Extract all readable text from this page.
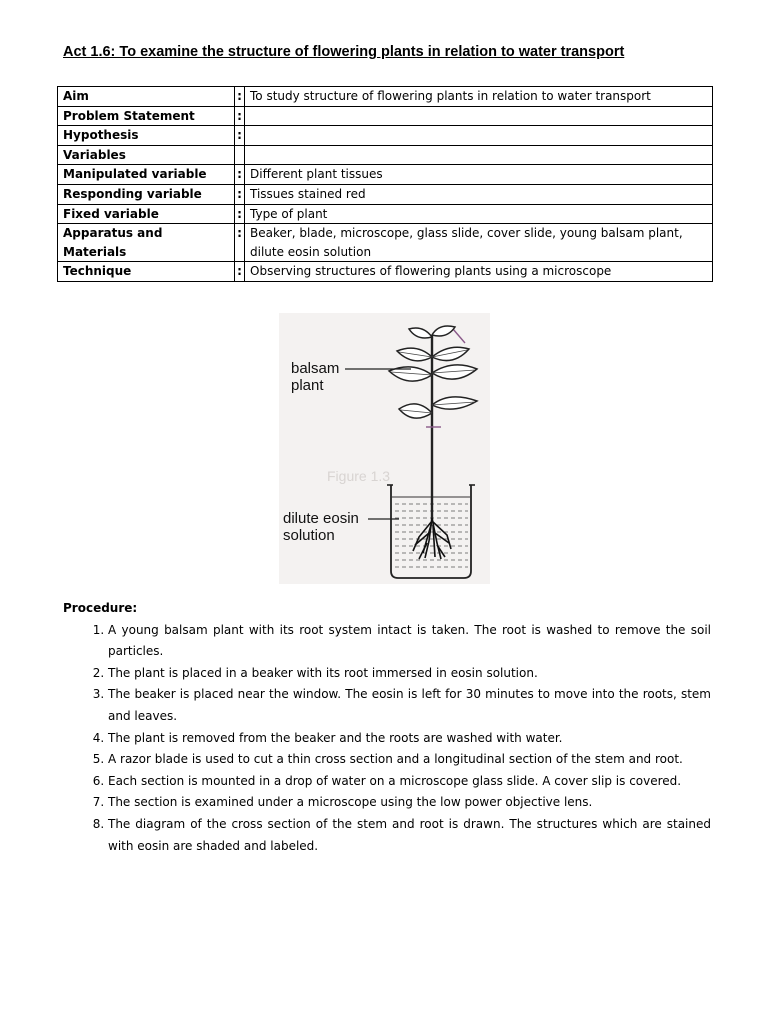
Act 1.6: To examine the structure of flowering plants in relation to water transport
Aim	:	To study structure of flowering plants in relation to water transport
Problem Statement	:	
Hypothesis	:	
Variables		
Manipulated variable	:	Different plant tissues
Responding variable	:	Tissues stained red
Fixed variable	:	Type of plant
Apparatus and Materials	:	Beaker, blade, microscope, glass slide, cover slide, young balsam plant, dilute eosin solution
Technique	:	Observing structures of flowering plants using a microscope
Figure 1.3
balsam
plant
dilute eosin
solution
Procedure:
1. A young balsam plant with its root system intact is taken. The root is washed to remove the soil particles.
2. The plant is placed in a beaker with its root immersed in eosin solution.
3. The beaker is placed near the window. The eosin is left for 30 minutes to move into the roots, stem and leaves.
4. The plant is removed from the beaker and the roots are washed with water.
5. A razor blade is used to cut a thin cross section and a longitudinal section of the stem and root.
6. Each section is mounted in a drop of water on a microscope glass slide. A cover slip is covered.
7. The section is examined under a microscope using the low power objective lens.
8. The diagram of the cross section of the stem and root is drawn. The structures which are stained with eosin are shaded and labeled.
